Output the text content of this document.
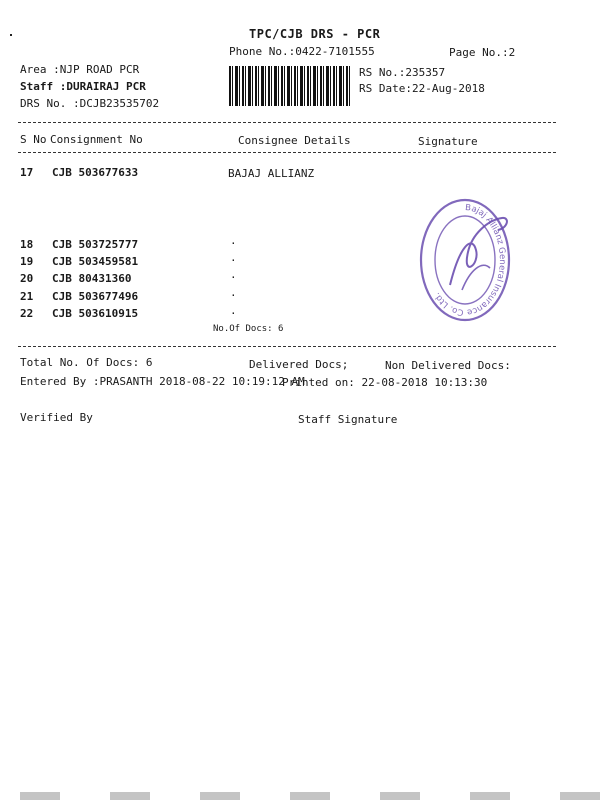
TPC/CJB DRS - PCR
Phone No.:0422-7101555	Page No.:2
Area :NJP ROAD PCR
Staff :DURAIRAJ PCR
DRS No. :DCJB23535702
RS No.:235357
RS Date:22-Aug-2018
S No Consignment No	Consignee Details	Signature
17 CJB 503677633	BAJAJ ALLIANZ
18 CJB 503725777	.
19 CJB 503459581	.
20 CJB 80431360	.
21 CJB 503677496	.
22 CJB 503610915	.
No.Of Docs: 6
Bajaj Allianz General Insurance Co. Ltd.
Total No. Of Docs: 6	Delivered Docs;	Non Delivered Docs:
Entered By :PRASANTH 2018-08-22 10:19:12 AM
Printed on: 22-08-2018 10:13:30
Verified By	Staff Signature
